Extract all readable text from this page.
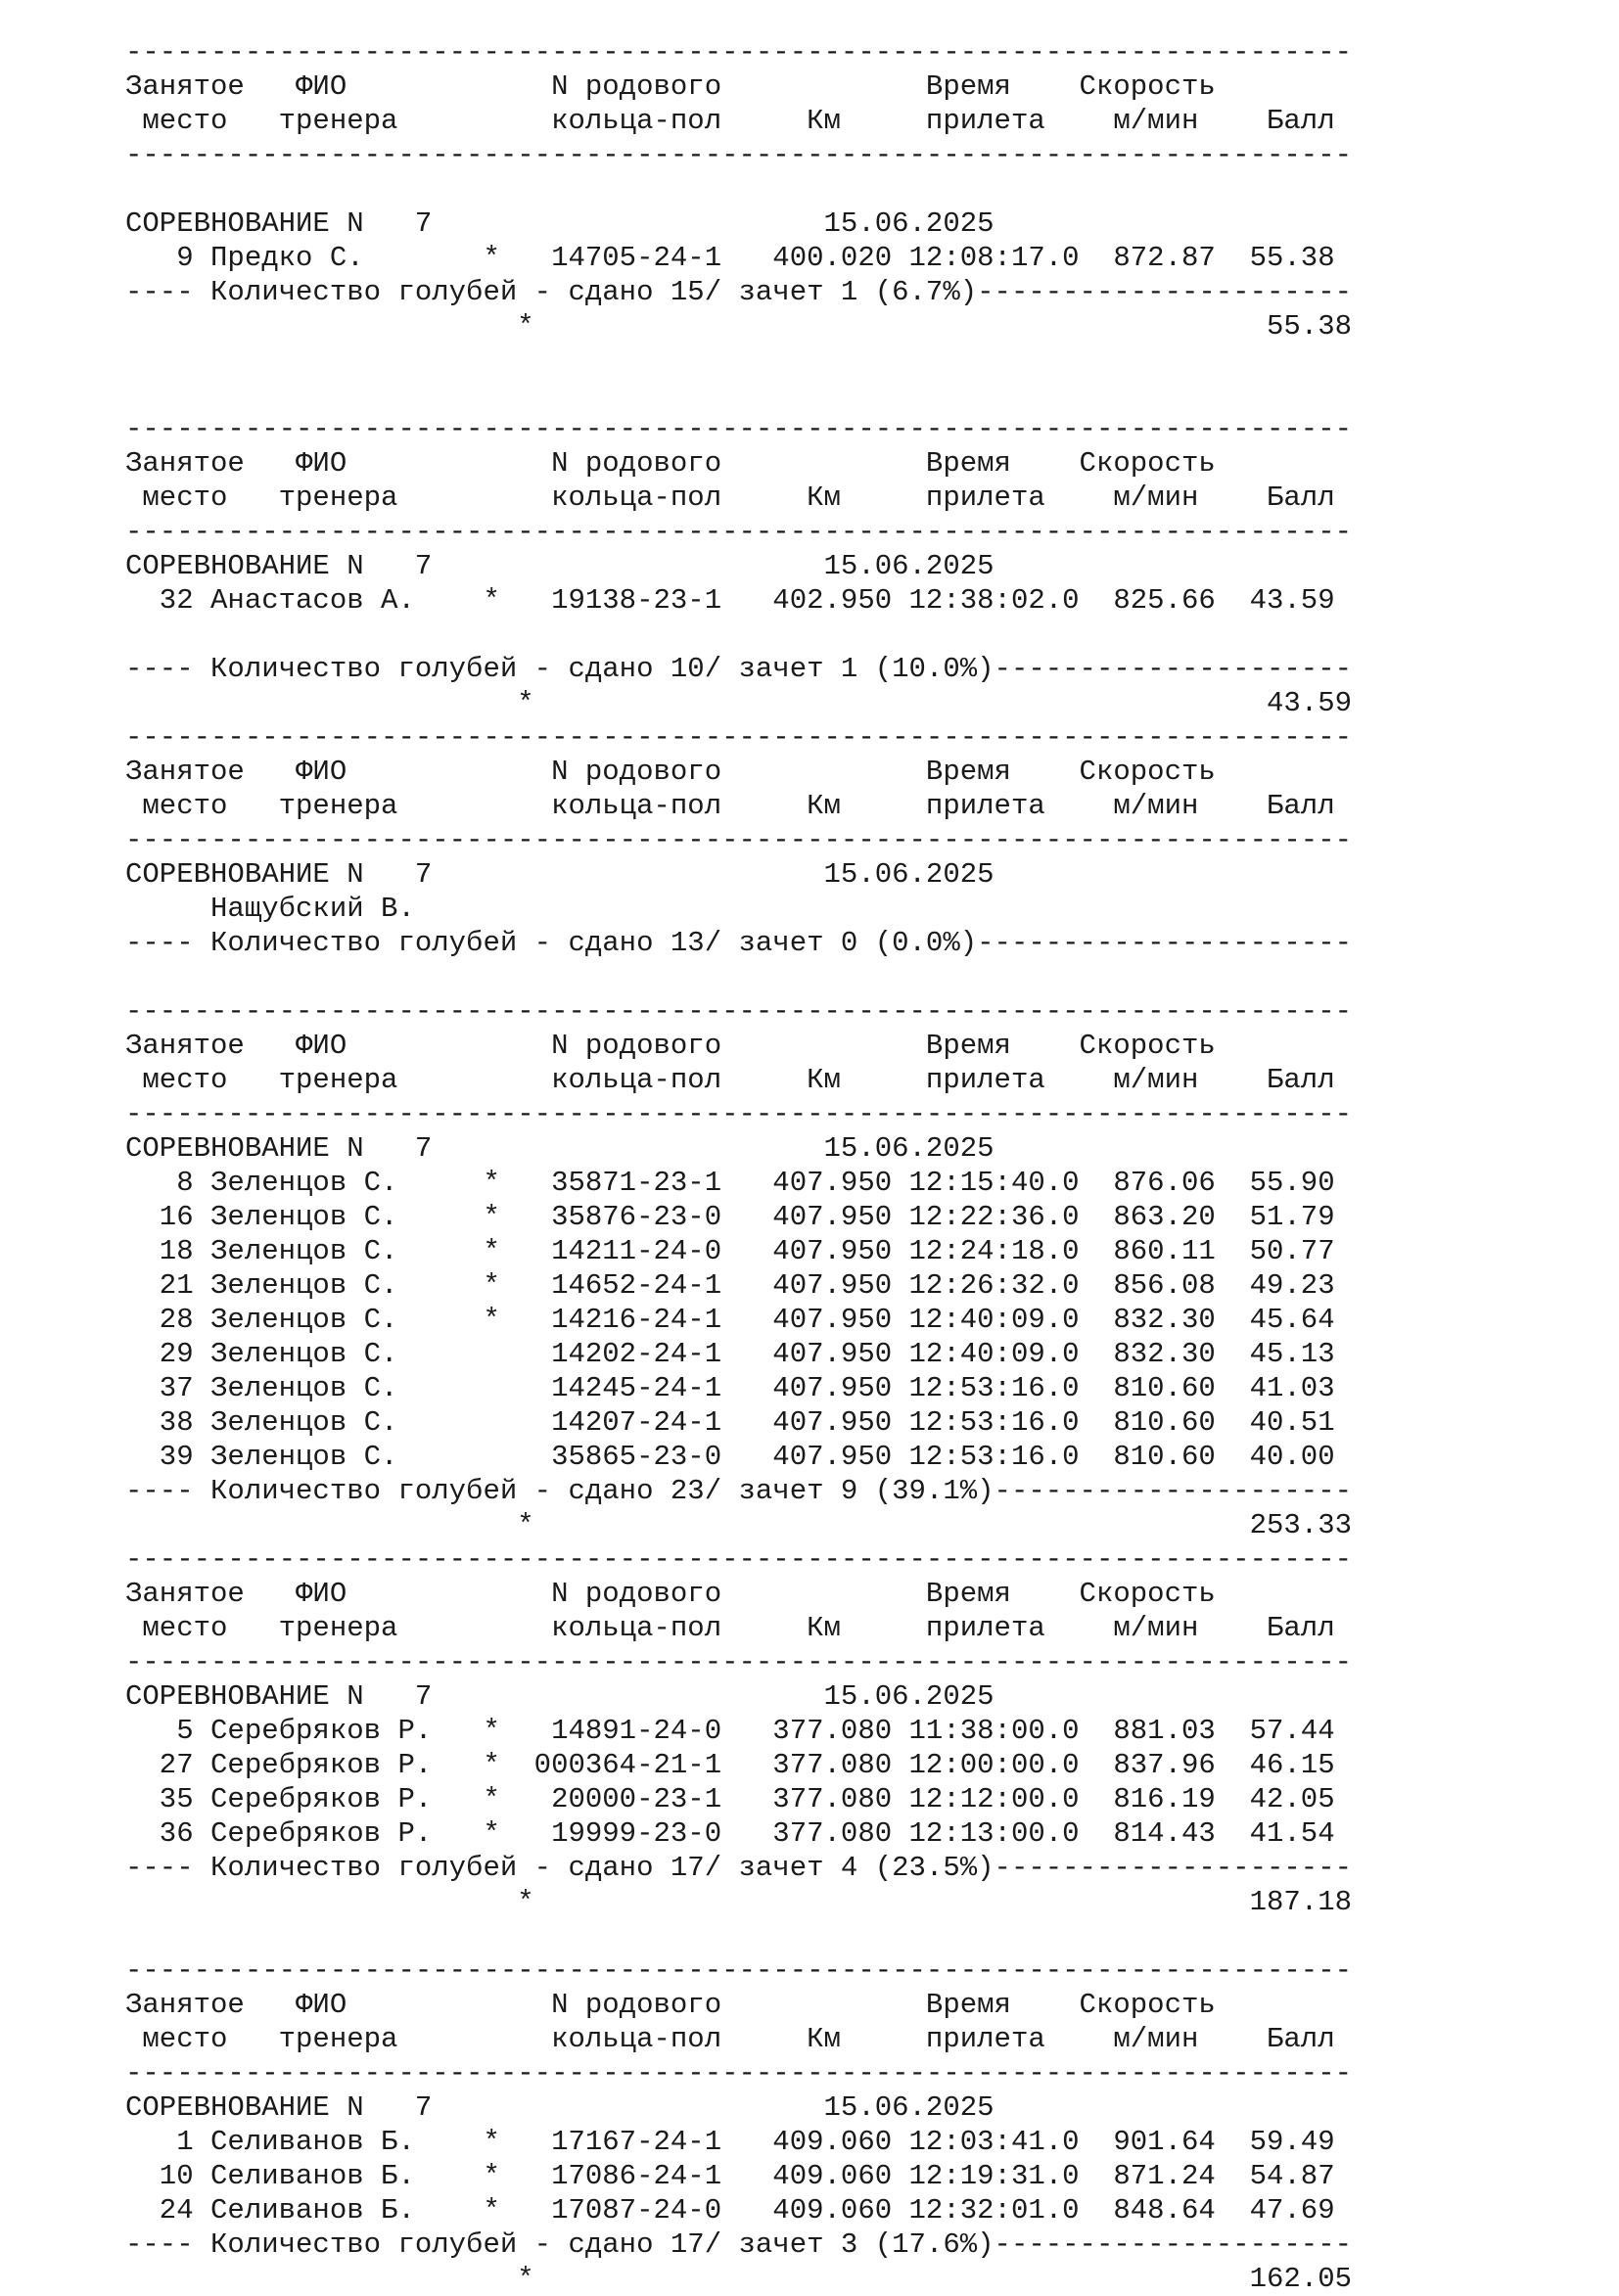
------------------------------------------------------------------------
Занятое   ФИО            N родового            Время    Скорость
место   тренера         кольца-пол     Км     прилета    м/мин    Балл
------------------------------------------------------------------------
СОРЕВНОВАНИЕ N   7                       15.06.2025
9 Предко С.       *   14705-24-1   400.020 12:08:17.0  872.87  55.38
---- Количество голубей - сдано 15/ зачет 1 (6.7%)----------------------
*                                           55.38
------------------------------------------------------------------------
Занятое   ФИО            N родового            Время    Скорость
место   тренера         кольца-пол     Км     прилета    м/мин    Балл
------------------------------------------------------------------------
СОРЕВНОВАНИЕ N   7                       15.06.2025
32 Анастасов А.    *   19138-23-1   402.950 12:38:02.0  825.66  43.59
---- Количество голубей - сдано 10/ зачет 1 (10.0%)---------------------
*                                           43.59
------------------------------------------------------------------------
Занятое   ФИО            N родового            Время    Скорость
место   тренера         кольца-пол     Км     прилета    м/мин    Балл
------------------------------------------------------------------------
СОРЕВНОВАНИЕ N   7                       15.06.2025
Нащубский В.
---- Количество голубей - сдано 13/ зачет 0 (0.0%)----------------------
------------------------------------------------------------------------
Занятое   ФИО            N родового            Время    Скорость
место   тренера         кольца-пол     Км     прилета    м/мин    Балл
------------------------------------------------------------------------
СОРЕВНОВАНИЕ N   7                       15.06.2025
8 Зеленцов С.     *   35871-23-1   407.950 12:15:40.0  876.06  55.90
16 Зеленцов С.     *   35876-23-0   407.950 12:22:36.0  863.20  51.79
18 Зеленцов С.     *   14211-24-0   407.950 12:24:18.0  860.11  50.77
21 Зеленцов С.     *   14652-24-1   407.950 12:26:32.0  856.08  49.23
28 Зеленцов С.     *   14216-24-1   407.950 12:40:09.0  832.30  45.64
29 Зеленцов С.         14202-24-1   407.950 12:40:09.0  832.30  45.13
37 Зеленцов С.         14245-24-1   407.950 12:53:16.0  810.60  41.03
38 Зеленцов С.         14207-24-1   407.950 12:53:16.0  810.60  40.51
39 Зеленцов С.         35865-23-0   407.950 12:53:16.0  810.60  40.00
---- Количество голубей - сдано 23/ зачет 9 (39.1%)---------------------
*                                          253.33
------------------------------------------------------------------------
Занятое   ФИО            N родового            Время    Скорость
место   тренера         кольца-пол     Км     прилета    м/мин    Балл
------------------------------------------------------------------------
СОРЕВНОВАНИЕ N   7                       15.06.2025
5 Серебряков Р.   *   14891-24-0   377.080 11:38:00.0  881.03  57.44
27 Серебряков Р.   *  000364-21-1   377.080 12:00:00.0  837.96  46.15
35 Серебряков Р.   *   20000-23-1   377.080 12:12:00.0  816.19  42.05
36 Серебряков Р.   *   19999-23-0   377.080 12:13:00.0  814.43  41.54
---- Количество голубей - сдано 17/ зачет 4 (23.5%)---------------------
*                                          187.18
------------------------------------------------------------------------
Занятое   ФИО            N родового            Время    Скорость
место   тренера         кольца-пол     Км     прилета    м/мин    Балл
------------------------------------------------------------------------
СОРЕВНОВАНИЕ N   7                       15.06.2025
1 Селиванов Б.    *   17167-24-1   409.060 12:03:41.0  901.64  59.49
10 Селиванов Б.    *   17086-24-1   409.060 12:19:31.0  871.24  54.87
24 Селиванов Б.    *   17087-24-0   409.060 12:32:01.0  848.64  47.69
---- Количество голубей - сдано 17/ зачет 3 (17.6%)---------------------
*                                          162.05
